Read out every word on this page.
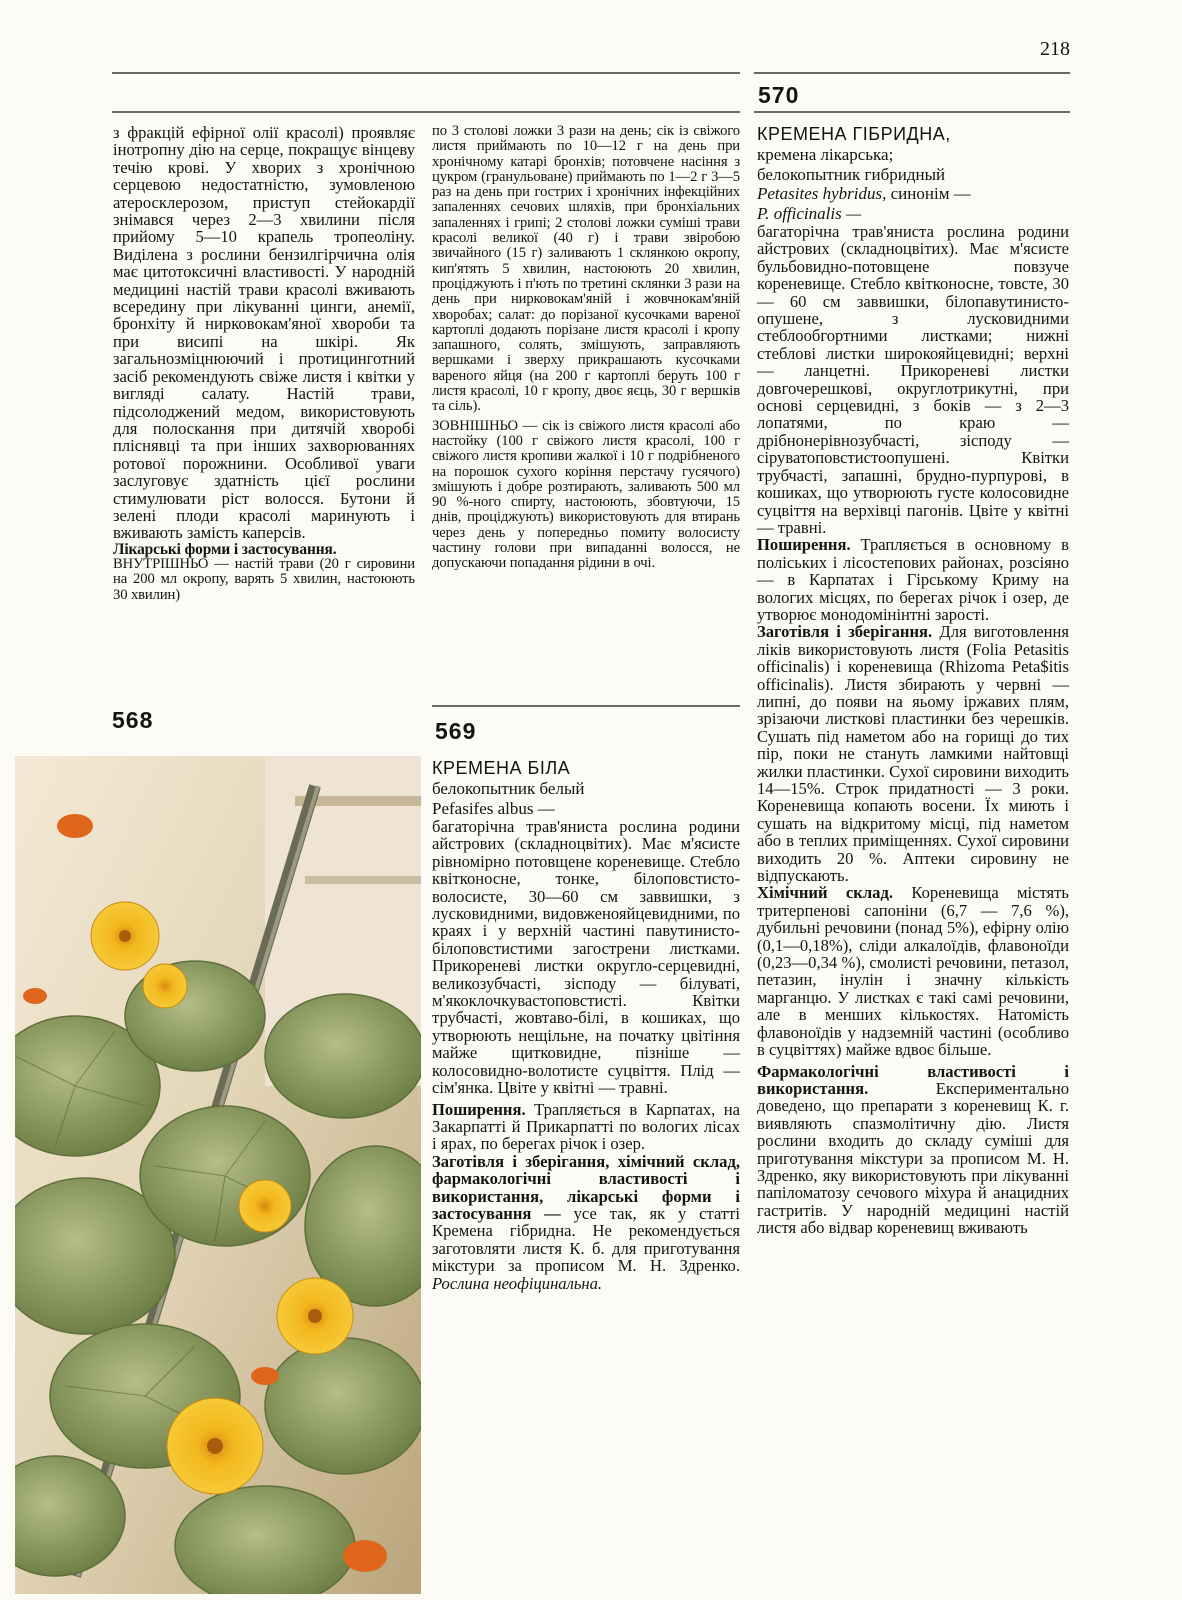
218
570

з фракцій ефірної олії красолі) проявляє інотропну дію на серце, покращує вінцеву течію крові. У хворих з хронічною серцевою недостатністю, зумовленою атеросклерозом, приступ стейокардії знімався через 2—3 хвилини після прийому 5—10 крапель тропеоліну. Виділена з рослини бензилгірчична олія має цитотоксичні властивості. У народній медицині настій трави красолі вживають всередину при лікуванні цинги, анемії, бронхіту й нирковокам'яної хвороби та при висипі на шкірі. Як загальнозміцнюючий і протицинготний засіб рекомендують свіже листя і квітки у вигляді салату. Настій трави, підсолоджений медом, використовують для полоскання при дитячій хворобі пліснявці та при інших захворюваннях ротової порожнини. Особливої уваги заслуговує здатність цієї рослини стимулювати ріст волосся. Бутони й зелені плоди красолі маринують і вживають замість каперсів.

Лікарські форми і застосування.

ВНУТРІШНЬО — настій трави (20 г сировини на 200 мл окропу, варять 5 хвилин, настоюють 30 хвилин)

568

по 3 столові ложки 3 рази на день; сік із свіжого листя приймають по 10—12 г на день при хронічному катарі бронхів; потовчене насіння з цукром (гранульоване) приймають по 1—2 г 3—5 раз на день при гострих і хронічних інфекційних запаленнях сечових шляхів, при бронхіальних запаленнях і грипі; 2 столові ложки суміші трави красолі великої (40 г) і трави звіробою звичайного (15 г) заливають 1 склянкою окропу, кип'ятять 5 хвилин, настоюють 20 хвилин, проціджують і п'ють по третині склянки 3 рази на день при нирковокам'яній і жовчнокам'яній хворобах; салат: до порізаної кусочками вареної картоплі додають порізане листя красолі і кропу запашного, солять, змішують, заправляють вершками і зверху прикрашають кусочками вареного яйця (на 200 г картоплі беруть 100 г листя красолі, 10 г кропу, двоє яєць, 30 г вершків та сіль).

ЗОВНІШНЬО — сік із свіжого листя красолі або настойку (100 г свіжого листя красолі, 100 г свіжого листя кропиви жалкої і 10 г подрібненого на порошок сухого коріння перстачу гусячого) змішують і добре розтирають, заливають 500 мл 90 %-ного спирту, настоюють, збовтуючи, 15 днів, проціджують) використовують для втирань через день у попередньо помиту волосисту частину голови при випаданні волосся, не допускаючи попадання рідини в очі.

569

КРЕМЕНА БІЛА

белокопытник белый

Pefasifes albus —

багаторічна трав'яниста рослина родини айстрових (складноцвітих). Має м'ясисте рівномірно потовщене кореневище. Стебло квітконосне, тонке, білоповстисто-волосисте, 30—60 см заввишки, з лусковидними, видовженояйцевидними, по краях і у верхній частині павутинисто-білоповстистими загострени листками. Прикореневі листки округло-серцевидні, великозубчасті, зісподу — білуваті, м'якоклочкувастоповстисті. Квітки трубчасті, жовтаво-білі, в кошиках, що утворюють нещільне, на початку цвітіння майже щитковидне, пізніше — колосовидно-волотисте суцвіття. Плід — сім'янка. Цвіте у квітні — травні.

Поширення. Трапляється в Карпатах, на Закарпатті й Прикарпатті по вологих лісах і ярах, по берегах річок і озер.

Заготівля і зберігання, хімічний склад, фармакологічні властивості і використання, лікарські форми і застосування — усе так, як у статті Кремена гібридна. Не рекомендується заготовляти листя К. б. для приготування мікстури за прописом М. Н. Здренко. Рослина неофіцинальна.

КРЕМЕНА ГІБРИДНА,

кремена лікарська;

белокопытник гибридный

Petasites hybridus, синонім —

P. officinalis —

багаторічна трав'яниста рослина родини айстрових (складноцвітих). Має м'ясисте бульбовидно-потовщене повзуче кореневище. Стебло квітконосне, товсте, 30 — 60 см заввишки, білопавутинисто-опушене, з лусковидними стеблообгортними листками; нижні стеблові листки широкояйцевидні; верхні — ланцетні. Прикореневі листки довгочерешкові, округлотрикутні, при основі серцевидні, з боків — з 2—3 лопатями, по краю — дрібнонерівнозубчасті, зісподу — сіруватоповстистоопушені. Квітки трубчасті, запашні, брудно-пурпурові, в кошиках, що утворюють густе колосовидне суцвіття на верхівці пагонів. Цвіте у квітні — травні.

Поширення. Трапляється в основному в поліських і лісостепових районах, розсіяно — в Карпатах і Гірському Криму на вологих місцях, по берегах річок і озер, де утворює монодомінінтні зарості.

Заготівля і зберігання. Для виготовлення ліків використовують листя (Folia Petasitis officinalis) і кореневища (Rhizoma Peta$itis officinalis). Листя збирають у червні — липні, до появи на яьому іржавих плям, зрізаючи листкові пластинки без черешків. Сушать під наметом або на горищі до тих пір, поки не стануть ламкими найтовщі жилки пластинки. Сухої сировини виходить 14—15%. Строк придатності — 3 роки. Кореневища копають восени. Їх миють і сушать на відкритому місці, під наметом або в теплих приміщеннях. Сухої сировини виходить 20 %. Аптеки сировину не відпускають.

Хімічний склад. Кореневища містять тритерпенові сапоніни (6,7 — 7,6 %), дубильні речовини (понад 5%), ефірну олію (0,1—0,18%), сліди алкалоїдів, флавоноїди (0,23—0,34 %), смолисті речовини, петазол, петазин, інулін і значну кількість марганцю. У листках є такі самі речовини, але в менших кількостях. Натомість флавоноїдів у надземній частині (особливо в суцвіттях) майже вдвоє більше.

Фармакологічні властивості і використання.	Експериментально доведено, що препарати з кореневищ К. г. виявляють спазмолітичну дію. Листя рослини входить до складу суміші для приготування мікстури за прописом М. Н. Здренко, яку використовують при лікуванні папіломатозу сечового міхура й анацидних гастритів. У народній медицині настій листя або відвар кореневищ вживають
